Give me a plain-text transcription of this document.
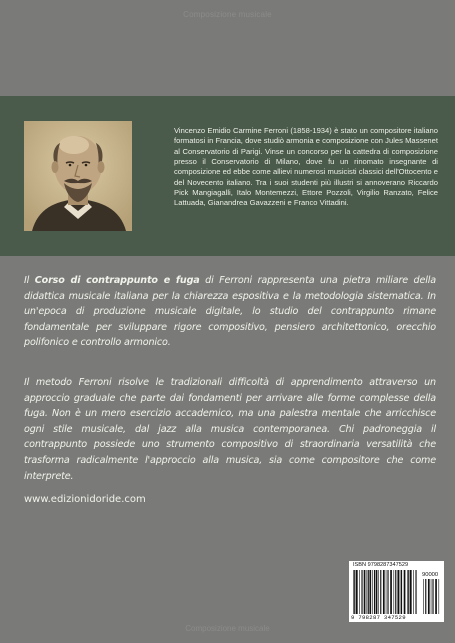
Composizione musicale
Vincenzo Emidio Carmine Ferroni (1858-1934) è stato un compositore italiano formatosi in Francia, dove studiò armonia e composizione con Jules Massenet al Conservatorio di Parigi. Vinse un concorso per la cattedra di composizione presso il Conservatorio di Milano, dove fu un rinomato insegnante di composizione ed ebbe come allievi numerosi musicisti classici dell'Ottocento e del Novecento italiano. Tra i suoi studenti più illustri si annoverano Riccardo Pick Mangiagalli, Italo Montemezzi, Ettore Pozzoli, Virgilio Ranzato, Felice Lattuada, Gianandrea Gavazzeni e Franco Vittadini.
Il Corso di contrappunto e fuga di Ferroni rappresenta una pietra miliare della didattica musicale italiana per la chiarezza espositiva e la metodologia sistematica. In un'epoca di produzione musicale digitale, lo studio del contrappunto rimane fondamentale per sviluppare rigore compositivo, pensiero architettonico, orecchio polifonico e controllo armonico.
Il metodo Ferroni risolve le tradizionali difficoltà di apprendimento attraverso un approccio graduale che parte dai fondamenti per arrivare alle forme complesse della fuga. Non è un mero esercizio accademico, ma una palestra mentale che arricchisce ogni stile musicale, dal jazz alla musica contemporanea. Chi padroneggia il contrappunto possiede uno strumento compositivo di straordinaria versatilità che trasforma radicalmente l'approccio alla musica, sia come compositore che come interprete.
www.edizionidoride.com
ISBN 9798287347529
90000
9 798287 347529
Composizione musicale
